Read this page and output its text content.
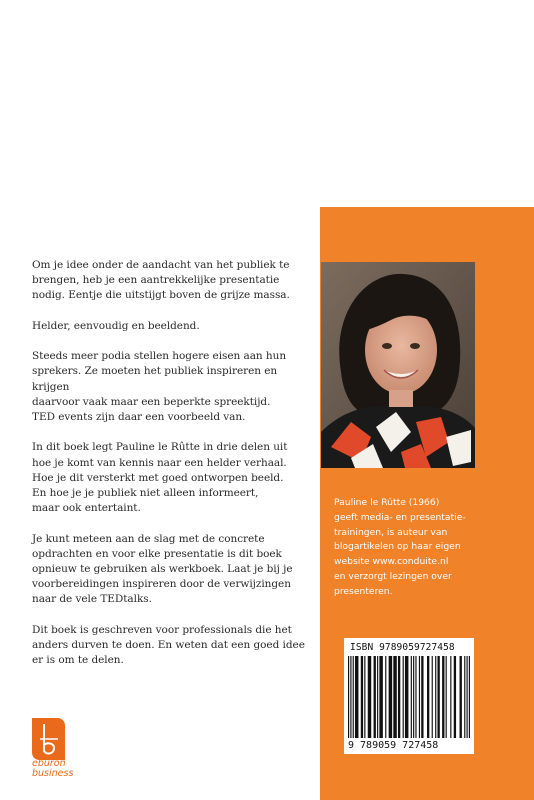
Om je idee onder de aandacht van het publiek te
brengen, heb je een aantrekkelijke presentatie
nodig. Eentje die uitstijgt boven de grijze massa.

Helder, eenvoudig en beeldend.

Steeds meer podia stellen hogere eisen aan hun
sprekers. Ze moeten het publiek inspireren en krijgen
daarvoor vaak maar een beperkte spreektijd.
TED events zijn daar een voorbeeld van.

In dit boek legt Pauline le Rûtte in drie delen uit
hoe je komt van kennis naar een helder verhaal.
Hoe je dit versterkt met goed ontworpen beeld.
En hoe je je publiek niet alleen informeert,
maar ook entertaint.

Je kunt meteen aan de slag met de concrete
opdrachten en voor elke presentatie is dit boek
opnieuw te gebruiken als werkboek. Laat je bij je
voorbereidingen inspireren door de verwijzingen
naar de vele TEDtalks.

Dit boek is geschreven voor professionals die het
anders durven te doen. En weten dat een goed idee
er is om te delen.

Pauline le Rûtte (1966)
geeft media- en presentatie-
trainingen, is auteur van
blogartikelen op haar eigen
website www.conduite.nl
en verzorgt lezingen over
presenteren.
ISBN 9789059727458
9 789059 727458
eburon
business
